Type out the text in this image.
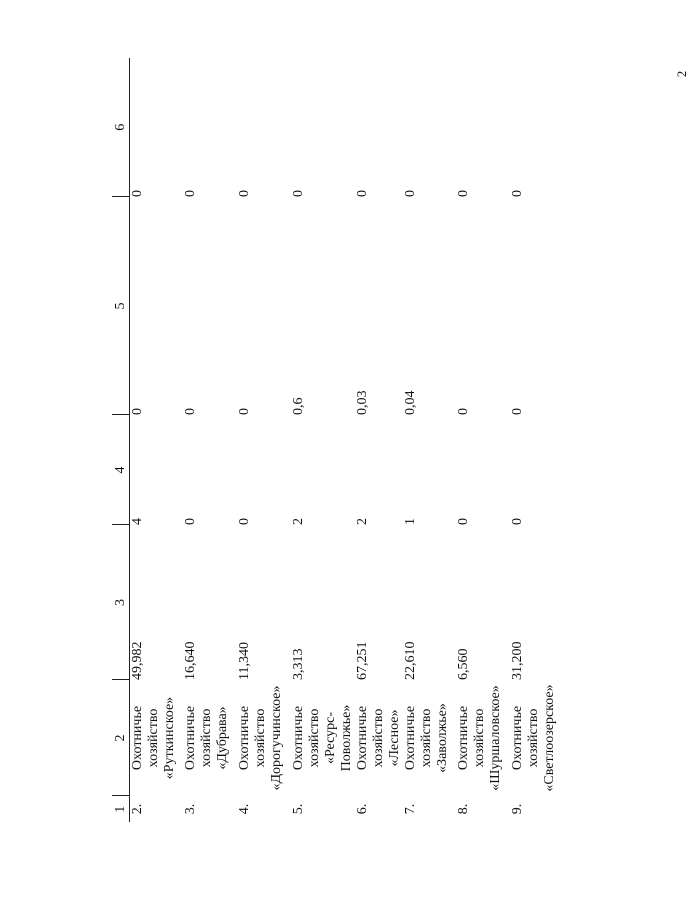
2
1	2	3	4	5	6
2.	Охотничье хозяйство «Руткинское»	49,982	4	0	0
3.	Охотничье хозяйство «Дубрава»	16,640	0	0	0
4.	Охотничье хозяйство «Дорогучинское»	11,340	0	0	0
5.	Охотничье хозяйство «Ресурс-Поволжье»	3,313	2	0,6	0
6.	Охотничье хозяйство «Лесное»	67,251	2	0,03	0
7.	Охотничье хозяйство «Заволжье»	22,610	1	0,04	0
8.	Охотничье хозяйство «Шуршаловское»	6,560	0	0	0
9.	Охотничье хозяйство «Светлоозерское»	31,200	0	0	0
